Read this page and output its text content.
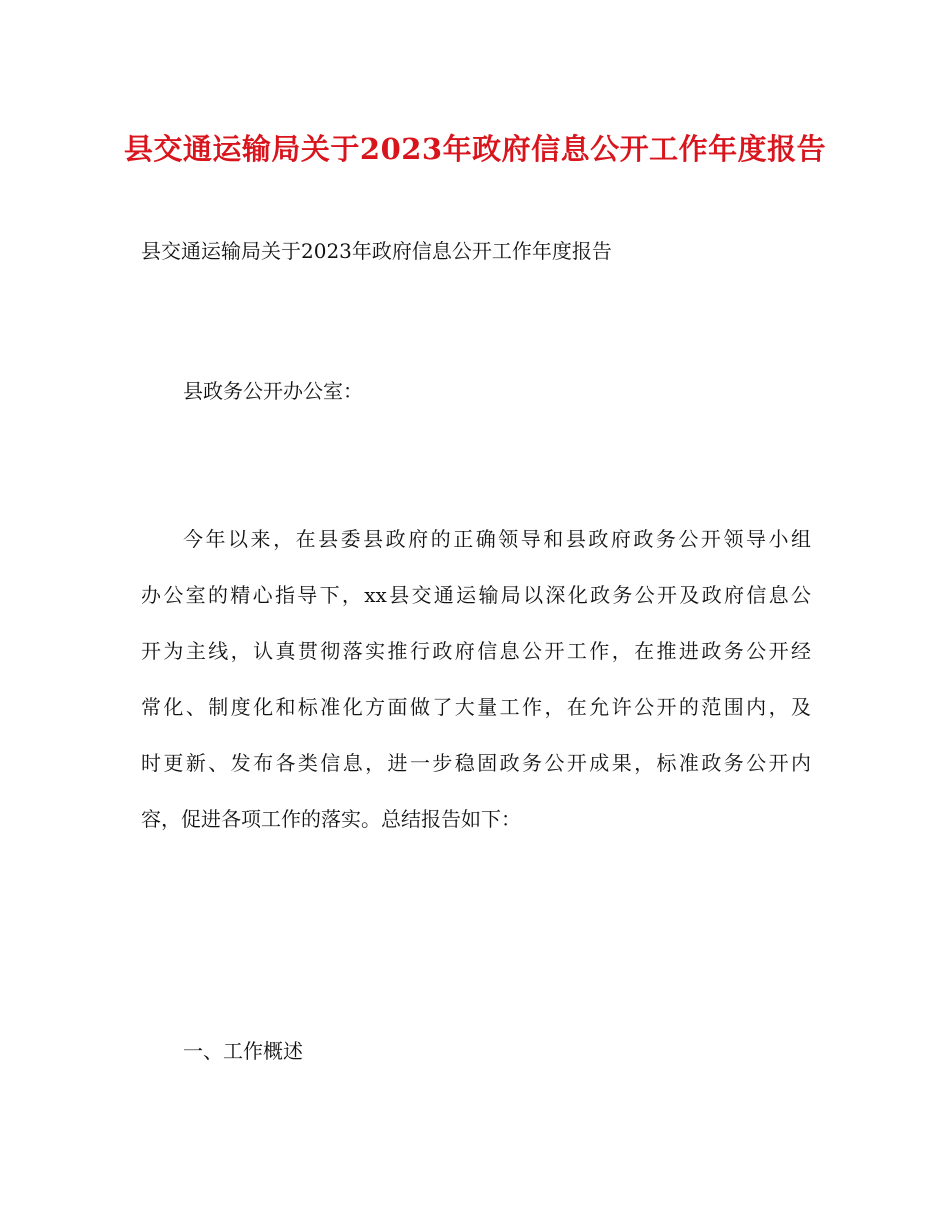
县交通运输局关于2023年政府信息公开工作年度报告
县交通运输局关于2023年政府信息公开工作年度报告
县政务公开办公室：
今年以来，在县委县政府的正确领导和县政府政务公开领导小组
办公室的精心指导下，xx县交通运输局以深化政务公开及政府信息公
开为主线，认真贯彻落实推行政府信息公开工作，在推进政务公开经
常化、制度化和标准化方面做了大量工作，在允许公开的范围内，及
时更新、发布各类信息，进一步稳固政务公开成果，标准政务公开内
容，促进各项工作的落实。总结报告如下：
一、工作概述
